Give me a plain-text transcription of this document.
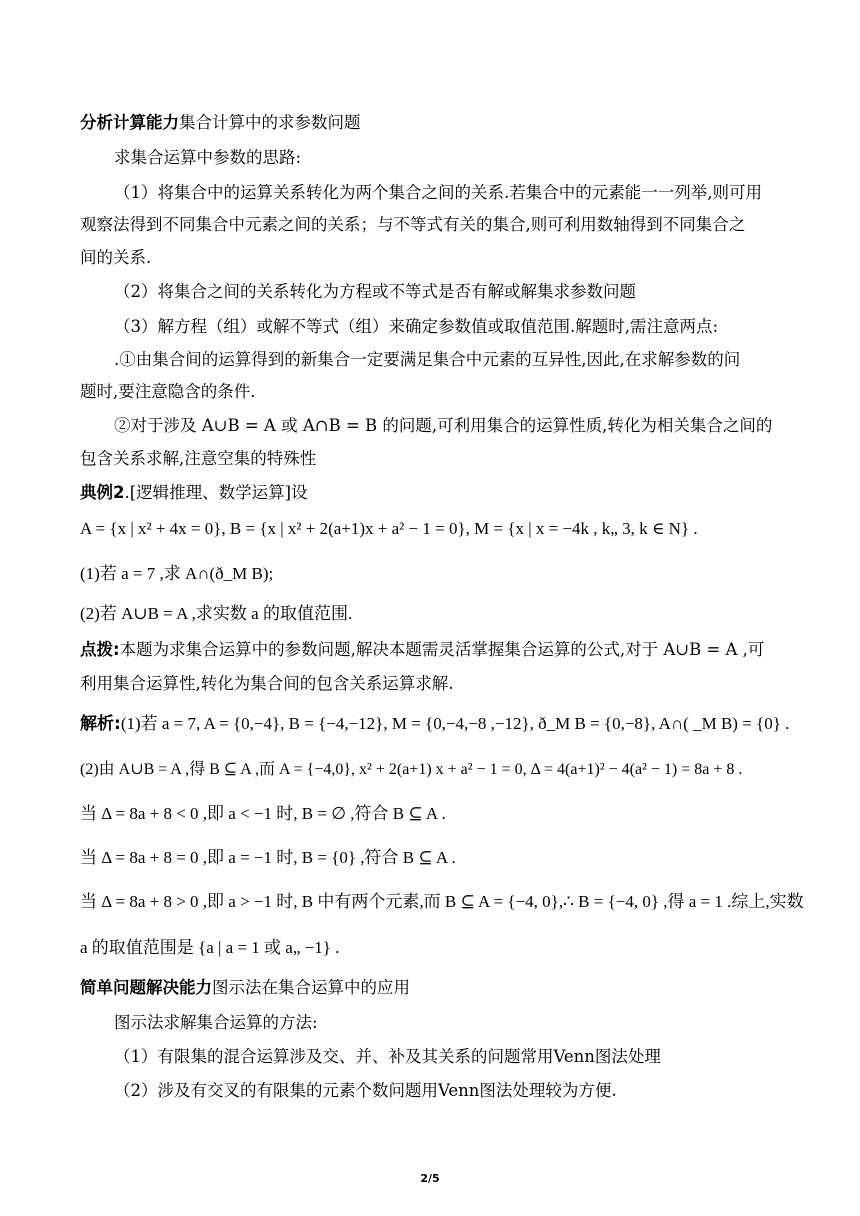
分析计算能力集合计算中的求参数问题
求集合运算中参数的思路:
（1）将集合中的运算关系转化为两个集合之间的关系.若集合中的元素能一一列举,则可用
观察法得到不同集合中元素之间的关系；与不等式有关的集合,则可利用数轴得到不同集合之
间的关系.
（2）将集合之间的关系转化为方程或不等式是否有解或解集求参数问题
（3）解方程（组）或解不等式（组）来确定参数值或取值范围.解题时,需注意两点:
.①由集合间的运算得到的新集合一定要满足集合中元素的互异性,因此,在求解参数的问
题时,要注意隐含的条件.
②对于涉及 A∪B = A 或 A∩B = B 的问题,可利用集合的运算性质,转化为相关集合之间的
包含关系求解,注意空集的特殊性
典例2.[逻辑推理、数学运算]设
A = {x | x² + 4x = 0}, B = {x | x² + 2(a+1)x + a² − 1 = 0}, M = {x | x = −4k , k„ 3, k ∈ N} .
(1)若 a = 7 ,求 A∩(ð_M B);
(2)若 A∪B = A ,求实数 a 的取值范围.
点拨:本题为求集合运算中的参数问题,解决本题需灵活掌握集合运算的公式,对于 A∪B = A ,可
利用集合运算性,转化为集合间的包含关系运算求解.
解析:(1)若 a = 7, A = {0,−4}, B = {−4,−12}, M = {0,−4,−8 ,−12}, ð_M B = {0,−8}, A∩( _M B) = {0} .
(2)由 A∪B = A ,得 B ⊆ A ,而 A = {−4,0}, x² + 2(a+1) x + a² − 1 = 0, Δ = 4(a+1)² − 4(a² − 1) = 8a + 8 .
当 Δ = 8a + 8 < 0 ,即 a < −1 时, B = ∅ ,符合 B ⊆ A .
当 Δ = 8a + 8 = 0 ,即 a = −1 时, B = {0} ,符合 B ⊆ A .
当 Δ = 8a + 8 > 0 ,即 a > −1 时, B 中有两个元素,而 B ⊆ A = {−4, 0},∴ B = {−4, 0} ,得 a = 1 .综上,实数
a 的取值范围是 {a | a = 1 或 a„ −1} .
简单问题解决能力图示法在集合运算中的应用
图示法求解集合运算的方法:
（1）有限集的混合运算涉及交、并、补及其关系的问题常用Venn图法处理
（2）涉及有交叉的有限集的元素个数问题用Venn图法处理较为方便.
2/5
